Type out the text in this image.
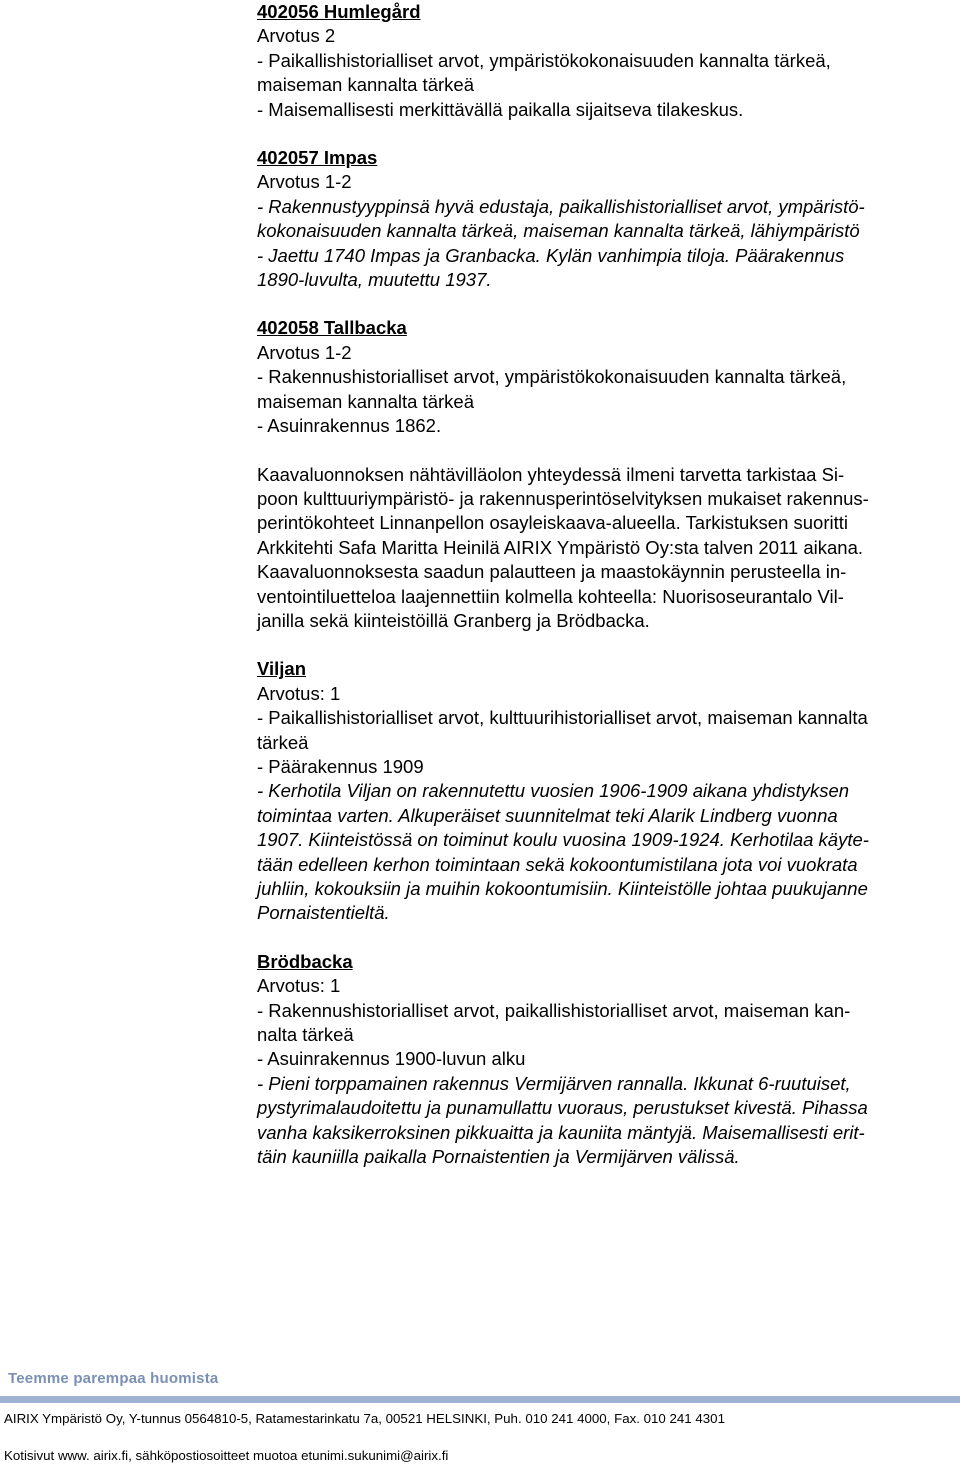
402056 Humlegård
Arvotus 2
- Paikallishistorialliset arvot, ympäristökokonaisuuden kannalta tärkeä,
maiseman kannalta tärkeä
- Maisemallisesti merkittävällä paikalla sijaitseva tilakeskus.
402057 Impas
Arvotus 1-2
- Rakennustyyppinsä hyvä edustaja, paikallishistorialliset arvot, ympäristö-
kokonaisuuden kannalta tärkeä, maiseman kannalta tärkeä, lähiympäristö
- Jaettu 1740 Impas ja Granbacka. Kylän vanhimpia tiloja. Päärakennus
1890-luvulta, muutettu 1937.
402058 Tallbacka
Arvotus 1-2
- Rakennushistorialliset arvot, ympäristökokonaisuuden kannalta tärkeä,
maiseman kannalta tärkeä
- Asuinrakennus 1862.
Kaavaluonnoksen nähtävilläolon yhteydessä ilmeni tarvetta tarkistaa Si-
poon kulttuuriympäristö- ja rakennusperintöselvityksen mukaiset rakennus-
perintökohteet Linnanpellon osayleiskaava-alueella. Tarkistuksen suoritti
Arkkitehti Safa Maritta Heinilä AIRIX Ympäristö Oy:sta talven 2011 aikana.
Kaavaluonnoksesta saadun palautteen ja maastokäynnin perusteella in-
ventointiluetteloa laajennettiin kolmella kohteella: Nuorisoseurantalo Vil-
janilla sekä kiinteistöillä Granberg ja Brödbacka.
Viljan
Arvotus: 1
- Paikallishistorialliset arvot, kulttuurihistorialliset arvot, maiseman kannalta
tärkeä
- Päärakennus 1909
- Kerhotila Viljan on rakennutettu vuosien 1906-1909 aikana yhdistyksen
toimintaa varten. Alkuperäiset suunnitelmat teki Alarik Lindberg vuonna
1907. Kiinteistössä on toiminut koulu vuosina 1909-1924. Kerhotilaa käyte-
tään edelleen kerhon toimintaan sekä kokoontumistilana jota voi vuokrata
juhliin, kokouksiin ja muihin kokoontumisiin. Kiinteistölle johtaa puukujanne
Pornaistentieltä.
Brödbacka
Arvotus: 1
- Rakennushistorialliset arvot, paikallishistorialliset arvot, maiseman kan-
nalta tärkeä
- Asuinrakennus 1900-luvun alku
- Pieni torppamainen rakennus Vermijärven rannalla. Ikkunat 6-ruutuiset,
pystyrimalaudoitettu ja punamullattu vuoraus, perustukset kivestä. Pihassa
vanha kaksikerroksinen pikkuaitta ja kauniita mäntyjä. Maisemallisesti erit-
täin kauniilla paikalla Pornaistentien ja Vermijärven välissä.
Teemme parempaa huomista
AIRIX Ympäristö Oy, Y-tunnus 0564810-5, Ratamestarinkatu 7a, 00521 HELSINKI, Puh. 010 241 4000, Fax. 010 241 4301
Kotisivut www. airix.fi, sähköpostiosoitteet muotoa etunimi.sukunimi@airix.fi
